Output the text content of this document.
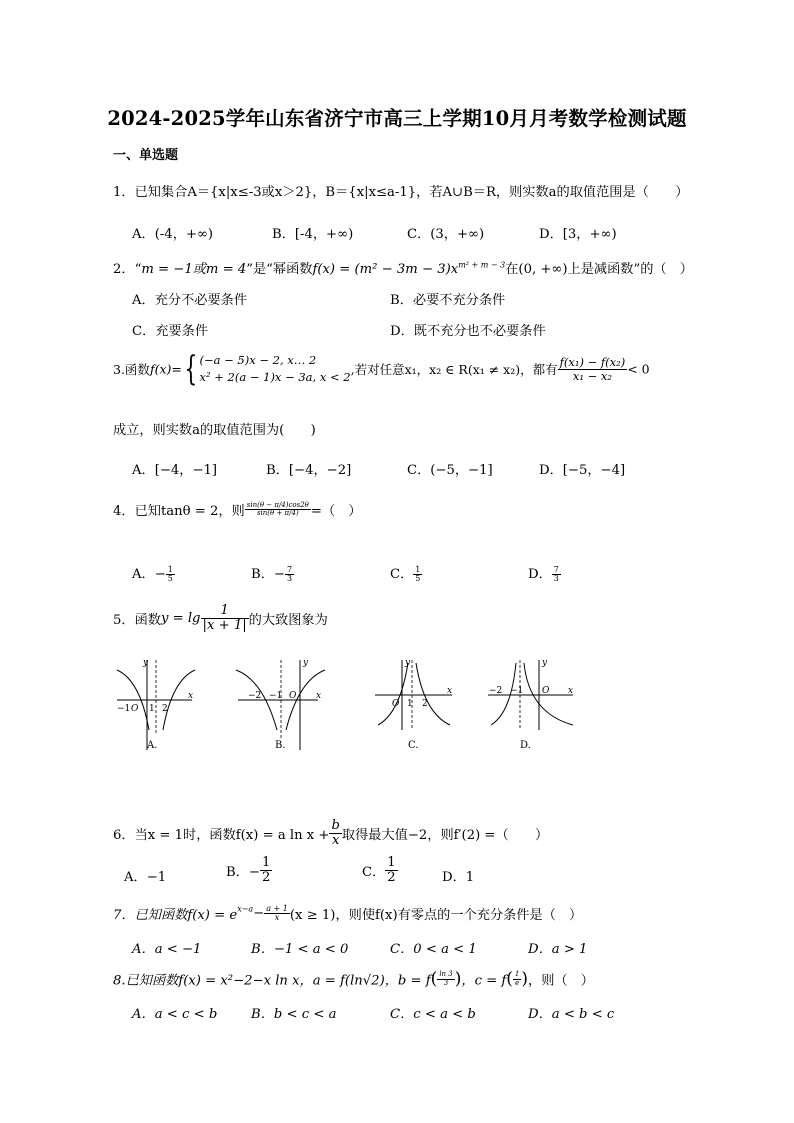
2024-2025学年山东省济宁市高三上学期10月月考数学检测试题
一、单选题
1．已知集合A＝{x|x≤-3或x＞2}，B＝{x|x≤a-1}，若A∪B＝R，则实数a的取值范围是（　　）
A．(-4，+∞)	B．[-4，+∞)	C．(3，+∞)	D．[3，+∞)
2．“m = −1或m = 4”是“幂函数$f(x) = (m^2 - 3m - 3)x^{m^2 + m - 3}$在(0, +∞)上是减函数”的（　）
A．充分不必要条件	B．必要不充分条件
C．充要条件	D．既不充分也不必要条件
3.函数f(x)={ (−a − 5)x − 2, x… 2
x² + 2(a − 1)x − 3a, x < 2 ,若对任意x₁，x₂ ∈ R(x₁ ≠ x₂)，都有 $\frac{\text{f(x₁) − f(x₂)}}{\text{x₁ − x₂}} < 0$
成立，则实数a的取值范围为(　　)
A．[−4，−1]	B．[−4，−2]	C．(−5，−1]	D．[−5，−4]
4．已知tanθ = 2，则 $\frac{\sin(\theta - \pi/4)\cos 2\theta}{\sin(\theta + \pi/4)}$ =（　）
A．− $\frac{1}{5}$	B．− $\frac{7}{3}$	C． $\frac{1}{5}$	D． $\frac{7}{3}$
5．函数$y = \lg \frac{1}{|x + 1|}$ 的大致图象为
−1 O 1 2
x
y
A.
−2 −1 O x
y
B.
O 1 2
x
y
C.
−2 −1 O x
y
D.
6．当x = 1时，函数f(x) = a $\ln x + \frac{b}{x}$ 取得最大值−2，则f′(2) =（　　）
A．−1	B．− $\frac{1}{2}$	C． $\frac{1}{2}$	D．1
7．已知函数$f(x) = e^{x-a}- \frac{a + 1}{x} (x \ge 1)$，则使f(x)有零点的一个充分条件是（　）
A．a < −1	B．−1 < a < 0	C．0 < a < 1	D．a > 1
8.已知函数f(x) = x²−2−x ln x，a = f(ln√2)，$b = f( \frac{\ln 3}{3}$ )，$c = f( \frac{1}{e}$ )，则（　）
A．a < c < b	B．b < c < a	C．c < a < b	D．a < b < c
